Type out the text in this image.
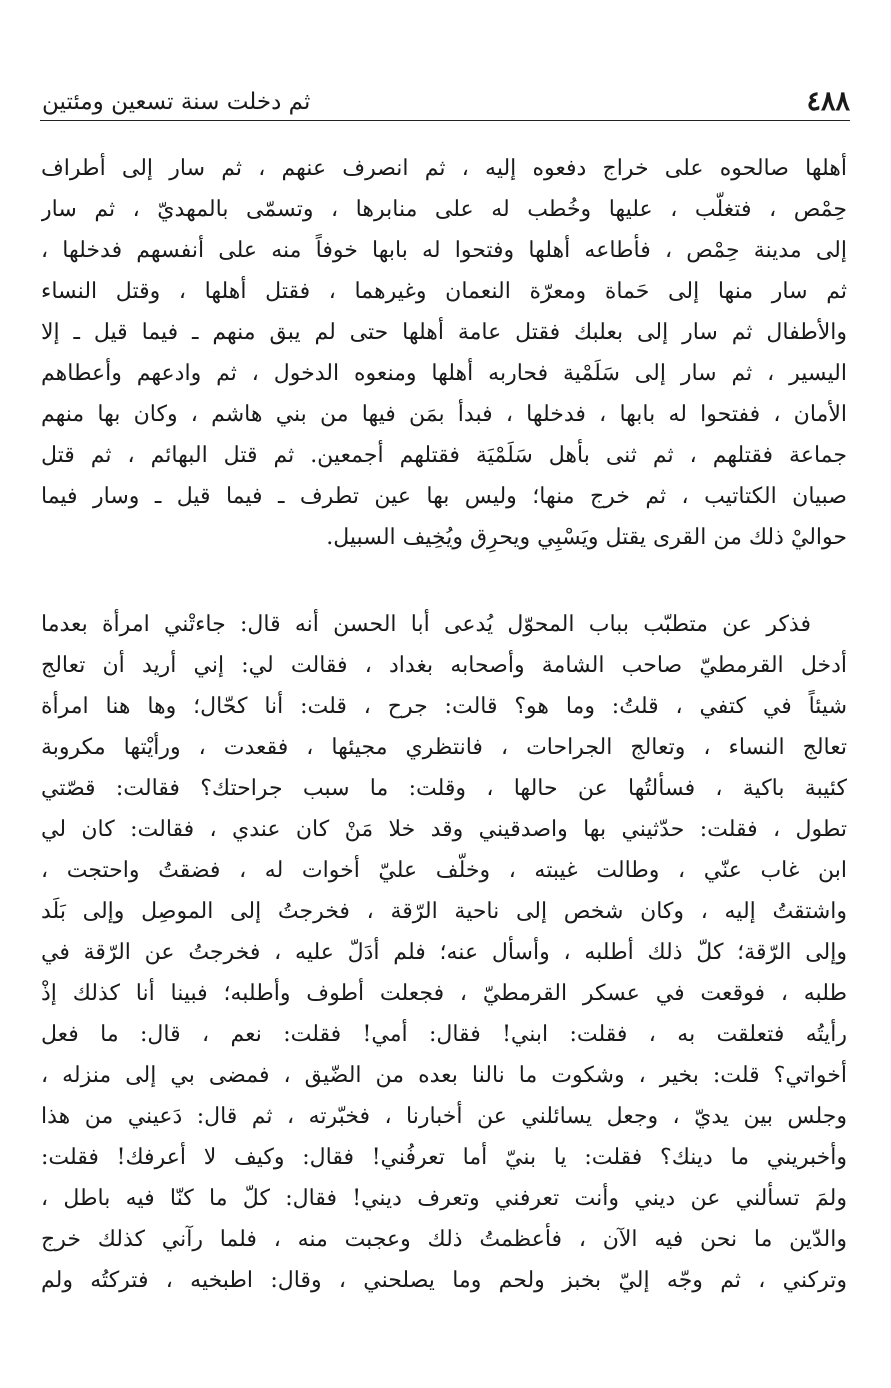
٤٨٨
ثم دخلت سنة تسعين ومئتين
أهلها صالحوه على خراج دفعوه إليه ، ثم انصرف عنهم ، ثم سار إلى أطراف
حِمْص ، فتغلّب ، عليها وخُطب له على منابرها ، وتسمّى بالمهديّ ، ثم سار
إلى مدينة حِمْص ، فأطاعه أهلها وفتحوا له بابها خوفاً منه على أنفسهم فدخلها ،
ثم سار منها إلى حَماة ومعرّة النعمان وغيرهما ، فقتل أهلها ، وقتل النساء
والأطفال ثم سار إلى بعلبك فقتل عامة أهلها حتى لم يبق منهم ـ فيما قيل ـ إلا
اليسير ، ثم سار إلى سَلَمْية فحاربه أهلها ومنعوه الدخول ، ثم وادعهم وأعطاهم
الأمان ، ففتحوا له بابها ، فدخلها ، فبدأ بمَن فيها من بني هاشم ، وكان بها منهم
جماعة فقتلهم ، ثم ثنى بأهل سَلَمْيَة فقتلهم أجمعين. ثم قتل البهائم ، ثم قتل
صبيان الكتاتيب ، ثم خرج منها؛ وليس بها عين تطرف ـ فيما قيل ـ وسار فيما
حواليْ ذلك من القرى يقتل ويَسْبِي ويحرِق ويُخِيف السبيل.
فذكر عن متطبّب بباب المحوّل يُدعى أبا الحسن أنه قال: جاءتْني امرأة بعدما
أدخل القرمطيّ صاحب الشامة وأصحابه بغداد ، فقالت لي: إني أريد أن تعالج
شيئاً في كتفي ، قلتُ: وما هو؟ قالت: جرح ، قلت: أنا كحّال؛ وها هنا امرأة
تعالج النساء ، وتعالج الجراحات ، فانتظري مجيئها ، فقعدت ، ورأيْتها مكروبة
كئيبة باكية ، فسألتُها عن حالها ، وقلت: ما سبب جراحتك؟ فقالت: قصّتي
تطول ، فقلت: حدّثيني بها واصدقيني وقد خلا مَنْ كان عندي ، فقالت: كان لي
ابن غاب عنّي ، وطالت غيبته ، وخلّف عليّ أخوات له ، فضقتُ واحتجت ،
واشتقتُ إليه ، وكان شخص إلى ناحية الرّقة ، فخرجتُ إلى الموصِل وإلى بَلَد
وإلى الرّقة؛ كلّ ذلك أطلبه ، وأسأل عنه؛ فلم أدَلّ عليه ، فخرجتُ عن الرّقة في
طلبه ، فوقعت في عسكر القرمطيّ ، فجعلت أطوف وأطلبه؛ فبينا أنا كذلك إذْ
رأيتُه فتعلقت به ، فقلت: ابني! فقال: أمي! فقلت: نعم ، قال: ما فعل
أخواتي؟ قلت: بخير ، وشكوت ما نالنا بعده من الضّيق ، فمضى بي إلى منزله ،
وجلس بين يديّ ، وجعل يسائلني عن أخبارنا ، فخبّرته ، ثم قال: دَعيني من هذا
وأخبريني ما دينك؟ فقلت: يا بنيّ أما تعرفُني! فقال: وكيف لا أعرفك! فقلت:
ولمَ تسألني عن ديني وأنت تعرفني وتعرف ديني! فقال: كلّ ما كنّا فيه باطل ،
والدّين ما نحن فيه الآن ، فأعظمتُ ذلك وعجبت منه ، فلما رآني كذلك خرج
وتركني ، ثم وجّه إليّ بخبز ولحم وما يصلحني ، وقال: اطبخيه ، فتركتُه ولم
